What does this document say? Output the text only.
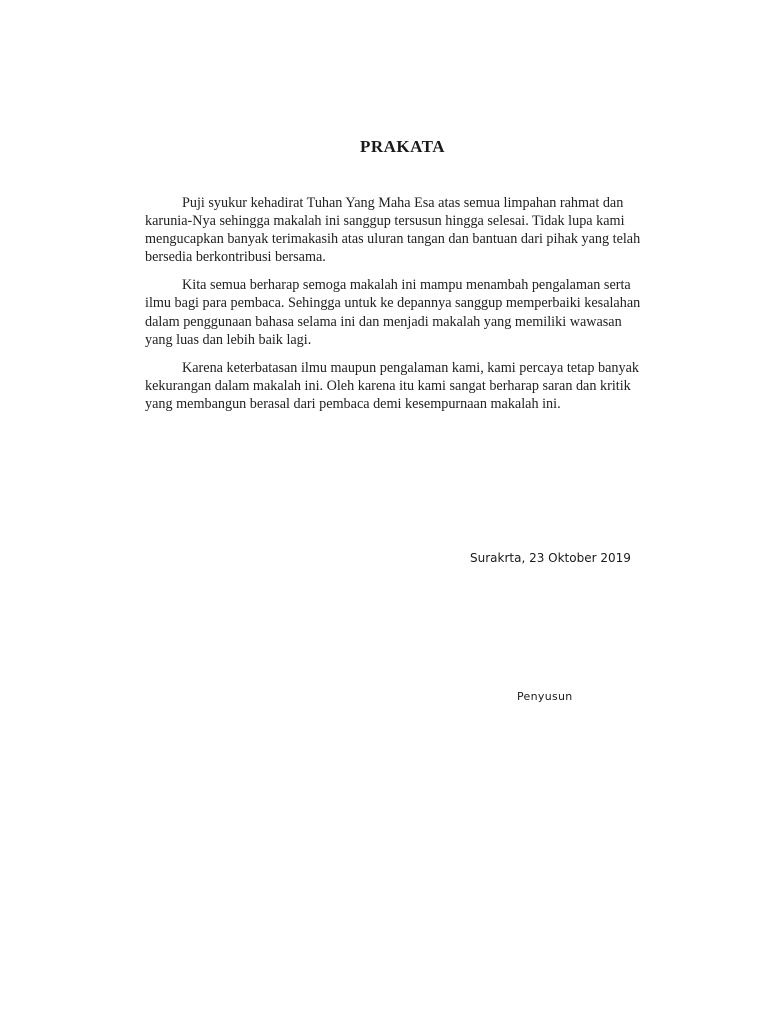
PRAKATA

Puji syukur kehadirat Tuhan Yang Maha Esa atas semua limpahan rahmat dan karunia-Nya sehingga makalah ini sanggup tersusun hingga selesai. Tidak lupa kami mengucapkan banyak terimakasih atas uluran tangan dan bantuan dari pihak yang telah bersedia berkontribusi bersama.

Kita semua berharap semoga makalah ini mampu menambah pengalaman serta ilmu bagi para pembaca. Sehingga untuk ke depannya sanggup memperbaiki kesalahan dalam penggunaan bahasa selama ini dan menjadi makalah yang memiliki wawasan yang luas dan lebih baik lagi.

Karena keterbatasan ilmu maupun pengalaman kami, kami percaya tetap banyak kekurangan dalam makalah ini. Oleh karena itu kami sangat berharap saran dan kritik yang membangun berasal dari pembaca demi kesempurnaan makalah ini.

Surakrta, 23 Oktober 2019
Penyusun
